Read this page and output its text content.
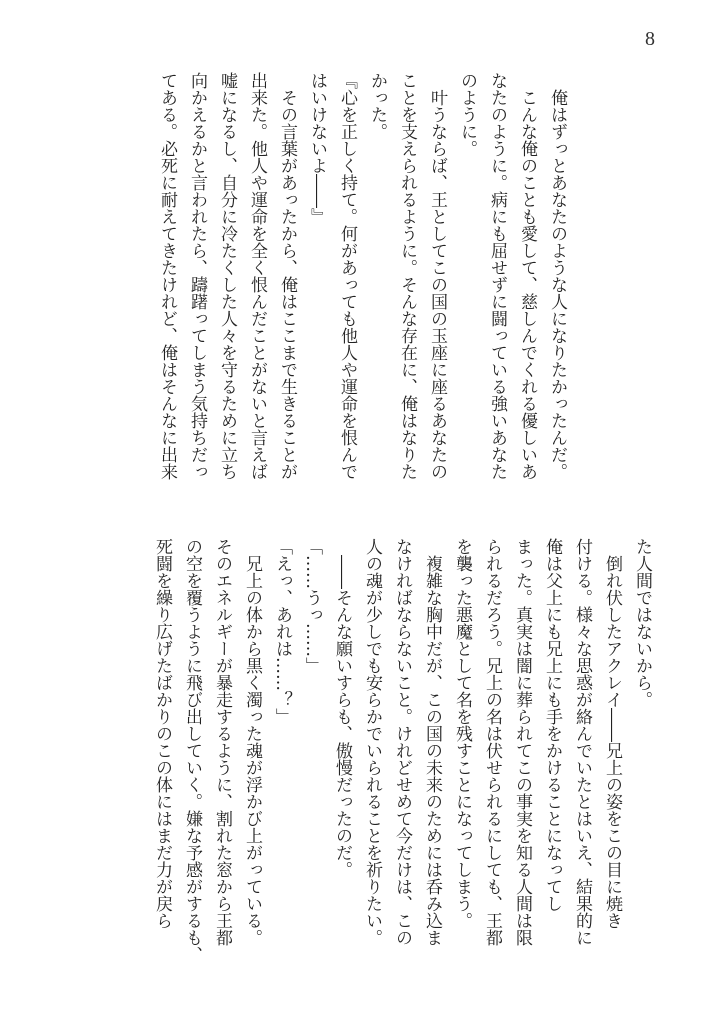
8
　俺はずっとあなたのような人になりたかったんだ。
　こんな俺のことも愛して、慈しんでくれる優しいあ
なたのように。病にも屈せずに闘っている強いあなた
のように。
　叶うならば、王としてこの国の玉座に座るあなたの
ことを支えられるように。そんな存在に、俺はなりた
かった。
『心を正しく持て。何があっても他人や運命を恨んで
はいけないよ――』
　その言葉があったから、俺はここまで生きることが
出来た。他人や運命を全く恨んだことがないと言えば
嘘になるし、自分に冷たくした人々を守るために立ち
向かえるかと言われたら、躊躇ってしまう気持ちだっ
てある。必死に耐えてきたけれど、俺はそんなに出来
た人間ではないから。
　倒れ伏したアクレイ――兄上の姿をこの目に焼き
付ける。様々な思惑が絡んでいたとはいえ、結果的に
俺は父上にも兄上にも手をかけることになってし
まった。真実は闇に葬られてこの事実を知る人間は限
られるだろう。兄上の名は伏せられるにしても、王都
を襲った悪魔として名を残すことになってしまう。
　複雑な胸中だが、この国の未来のためには呑み込ま
なければならないこと。けれどせめて今だけは、この
人の魂が少しでも安らかでいられることを祈りたい。
　――そんな願いすらも、傲慢だったのだ。
「……うっ……」
「えっ、あれは……？」
　兄上の体から黒く濁った魂が浮かび上がっている。
そのエネルギーが暴走するように、割れた窓から王都
の空を覆うように飛び出していく。嫌な予感がするも、
死闘を繰り広げたばかりのこの体にはまだ力が戻ら
